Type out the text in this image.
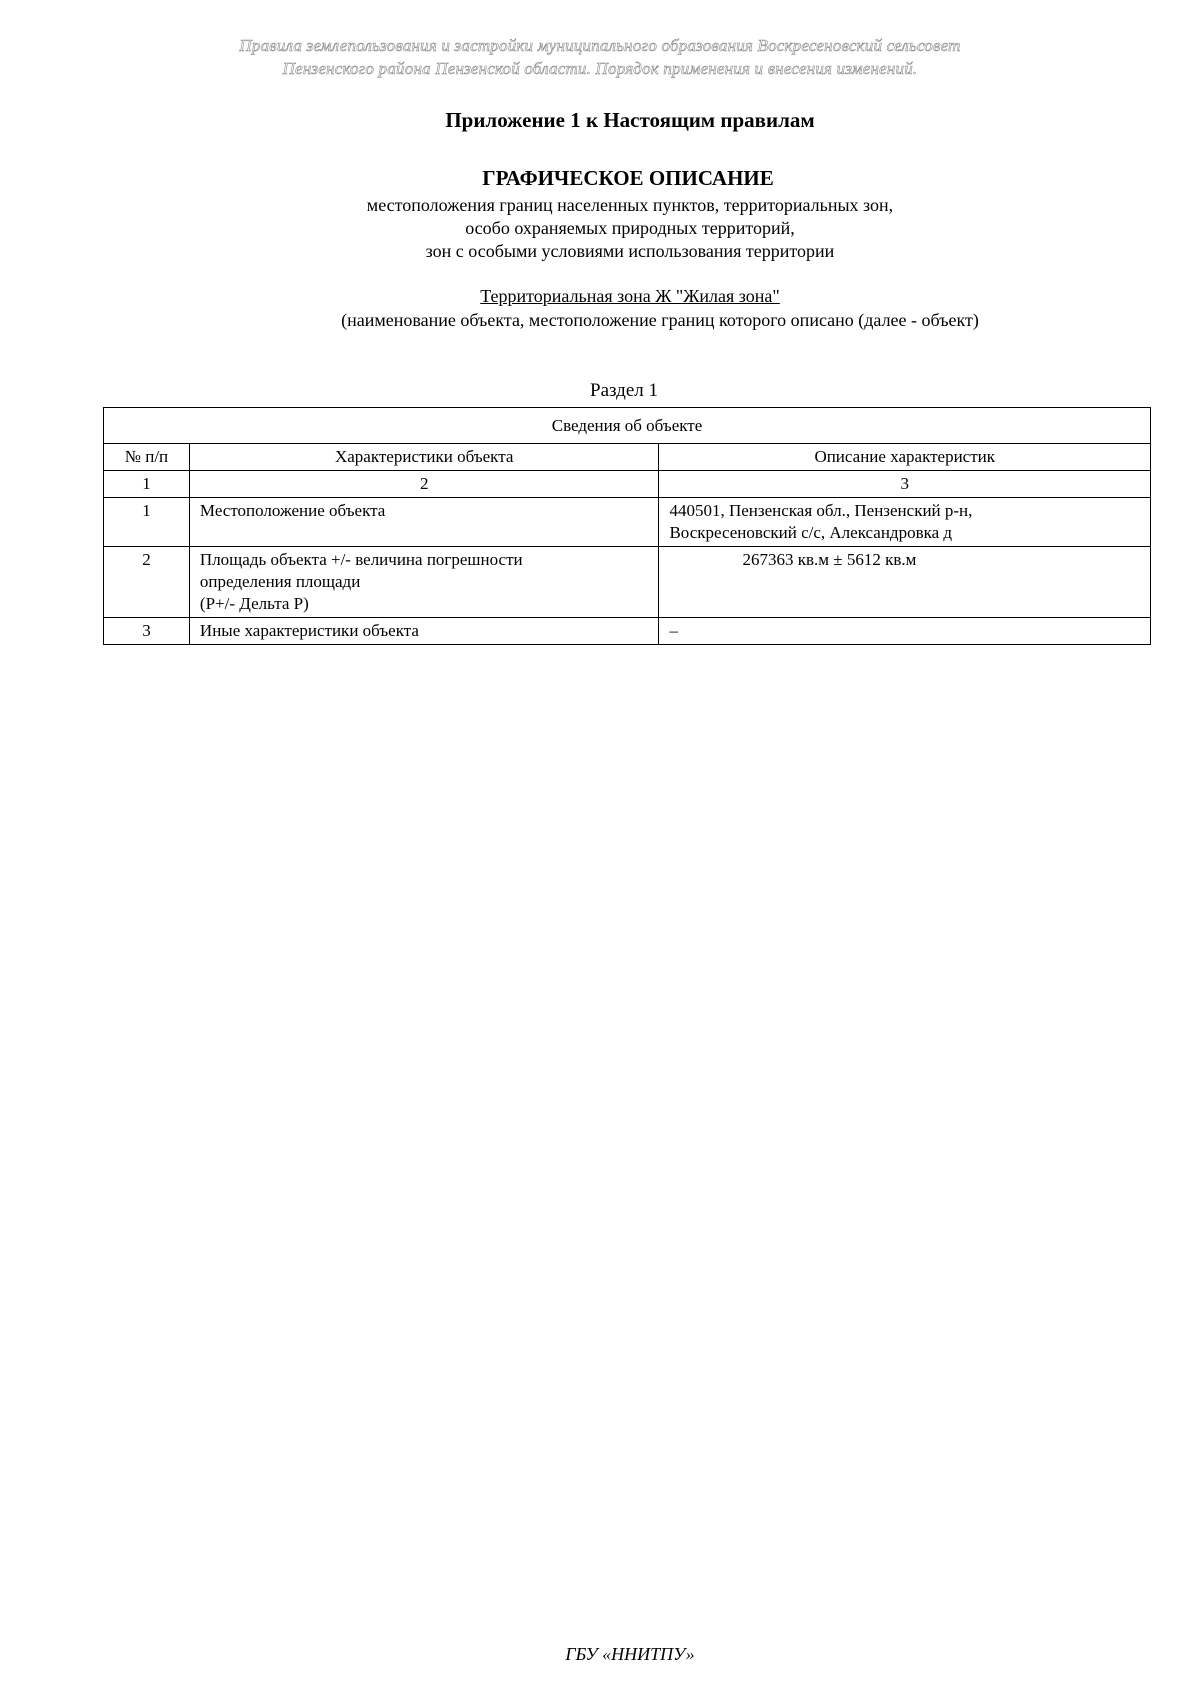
Правила землепользования и застройки муниципального образования Воскресеновский сельсовет
Пензенского района Пензенской области. Порядок применения и внесения изменений.
Приложение 1 к Настоящим правилам
ГРАФИЧЕСКОЕ ОПИСАНИЕ
местоположения границ населенных пунктов, территориальных зон,
особо охраняемых природных территорий,
зон с особыми условиями использования территории
Территориальная зона Ж "Жилая зона"
(наименование объекта, местоположение границ которого описано (далее - объект)
Раздел 1
Сведения об объекте		
№ п/п	Характеристики объекта	Описание характеристик
1	2	3
1	Местоположение объекта	440501, Пензенская обл., Пензенский р-н,
Воскресеновский с/с, Александровка д

2	Площадь объекта +/- величина погрешности
определения площади
(Р+/- Дельта Р)	267363 кв.м ± 5612 кв.м

3	Иные характеристики объекта	–
ГБУ «ННИТПУ»
